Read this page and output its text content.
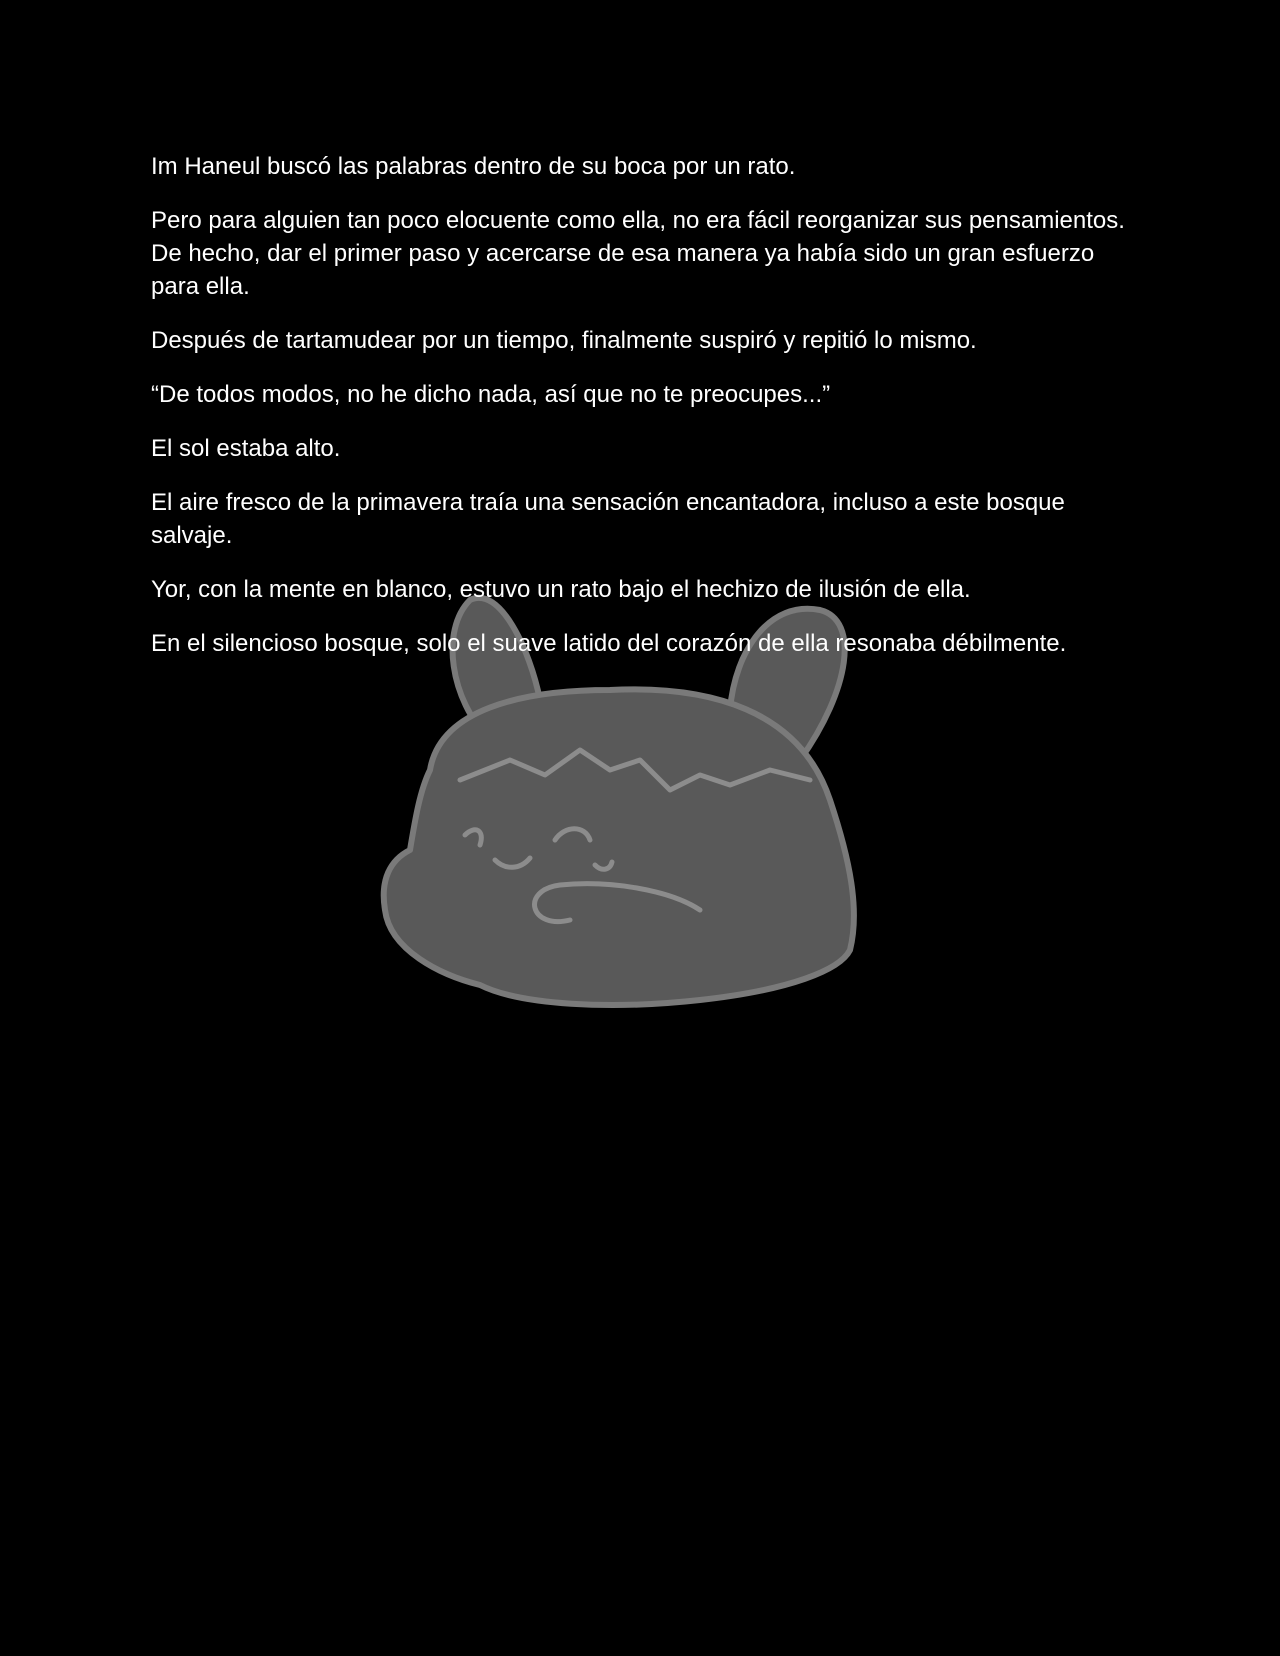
Im Haneul buscó las palabras dentro de su boca por un rato.

Pero para alguien tan poco elocuente como ella, no era fácil reorganizar sus pensamientos. De hecho, dar el primer paso y acercarse de esa manera ya había sido un gran esfuerzo para ella.

Después de tartamudear por un tiempo, finalmente suspiró y repitió lo mismo.

“De todos modos, no he dicho nada, así que no te preocupes...”

El sol estaba alto.

El aire fresco de la primavera traía una sensación encantadora, incluso a este bosque salvaje.

Yor, con la mente en blanco, estuvo un rato bajo el hechizo de ilusión de ella.

En el silencioso bosque, solo el suave latido del corazón de ella resonaba débilmente.
